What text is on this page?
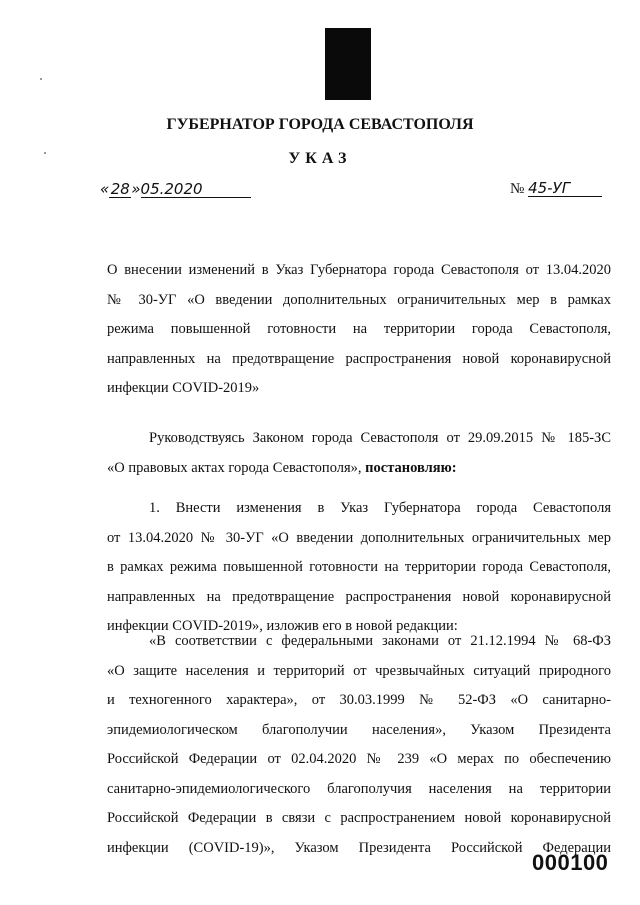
ГУБЕРНАТОР ГОРОДА СЕВАСТОПОЛЯ

УКАЗ

«28»05.2020	№ 45-УГ
О внесении изменений в Указ Губернатора города Севастополя от 13.04.2020
№ 30-УГ «О введении дополнительных ограничительных мер в рамках
режима повышенной готовности на территории города Севастополя,
направленных на предотвращение распространения новой коронавирусной
инфекции COVID-2019»
Руководствуясь Законом города Севастополя от 29.09.2015 № 185-ЗС
«О правовых актах города Севастополя», постановляю:
1. Внести изменения в Указ Губернатора города Севастополя
от 13.04.2020 № 30-УГ «О введении дополнительных ограничительных мер
в рамках режима повышенной готовности на территории города Севастополя,
направленных на предотвращение распространения новой коронавирусной
инфекции COVID-2019», изложив его в новой редакции:
«В соответствии с федеральными законами от 21.12.1994 № 68-ФЗ
«О защите населения и территорий от чрезвычайных ситуаций природного
и техногенного характера», от 30.03.1999 № 52-ФЗ «О санитарно-
эпидемиологическом благополучии населения», Указом Президента
Российской Федерации от 02.04.2020 № 239 «О мерах по обеспечению
санитарно-эпидемиологического благополучия населения на территории
Российской Федерации в связи с распространением новой коронавирусной
инфекции (COVID-19)», Указом Президента Российской Федерации
000100
